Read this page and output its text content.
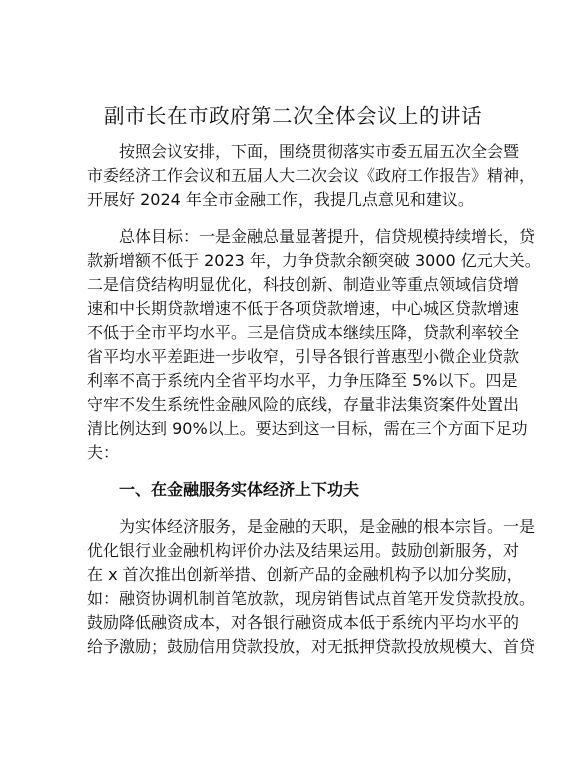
副市长在市政府第二次全体会议上的讲话
按照会议安排，下面，围绕贯彻落实市委五届五次全会暨
市委经济工作会议和五届人大二次会议《政府工作报告》精神，
开展好 2024 年全市金融工作，我提几点意见和建议。
总体目标：一是金融总量显著提升，信贷规模持续增长，贷
款新增额不低于 2023 年，力争贷款余额突破 3000 亿元大关。
二是信贷结构明显优化，科技创新、制造业等重点领域信贷增
速和中长期贷款增速不低于各项贷款增速，中心城区贷款增速
不低于全市平均水平。三是信贷成本继续压降，贷款利率较全
省平均水平差距进一步收窄，引导各银行普惠型小微企业贷款
利率不高于系统内全省平均水平，力争压降至 5%以下。四是
守牢不发生系统性金融风险的底线，存量非法集资案件处置出
清比例达到 90%以上。要达到这一目标，需在三个方面下足功
夫：
一、在金融服务实体经济上下功夫
为实体经济服务，是金融的天职，是金融的根本宗旨。一是
优化银行业金融机构评价办法及结果运用。鼓励创新服务，对
在 x 首次推出创新举措、创新产品的金融机构予以加分奖励，
如：融资协调机制首笔放款，现房销售试点首笔开发贷款投放。
鼓励降低融资成本，对各银行融资成本低于系统内平均水平的
给予激励；鼓励信用贷款投放，对无抵押贷款投放规模大、首贷
